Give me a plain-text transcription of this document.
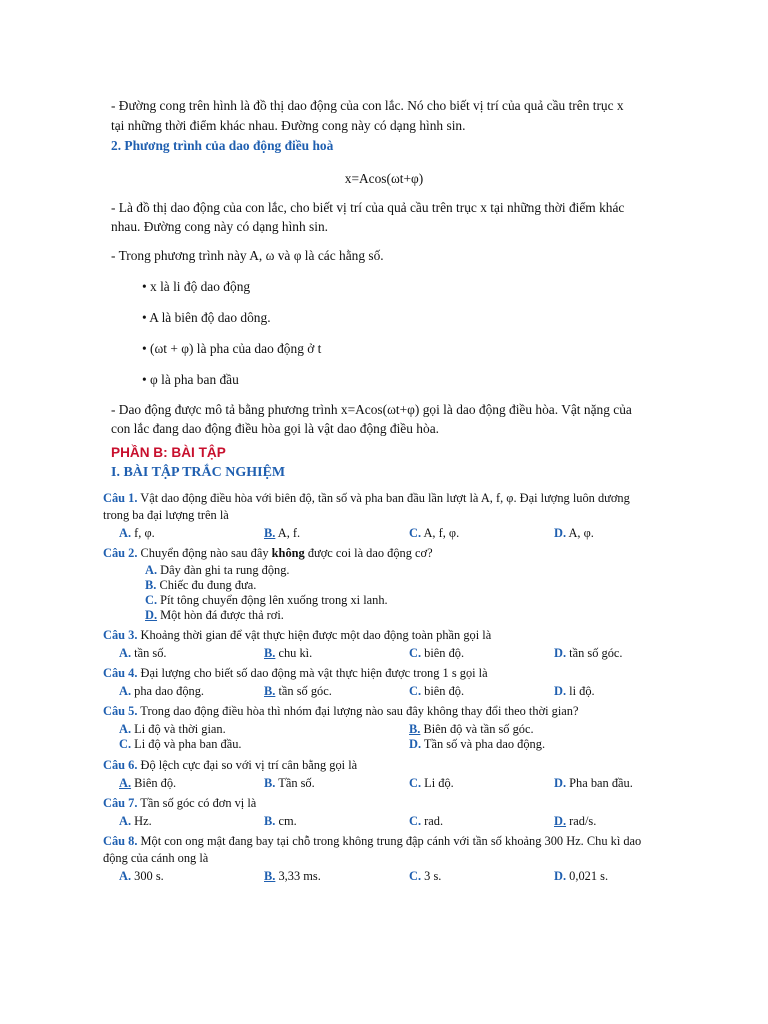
- Đường cong trên hình là đồ thị dao động của con lắc. Nó cho biết vị trí của quả cầu trên trục x
tại những thời điểm khác nhau. Đường cong này có dạng hình sin.
2. Phương trình của dao động điều hoà
x=Acos(ωt+φ)
- Là đồ thị dao động của con lắc, cho biết vị trí của quả cầu trên trục x tại những thời điểm khác
nhau. Đường cong này có dạng hình sin.
- Trong phương trình này A, ω và φ là các hằng số.
• x là li độ dao động
• A là biên độ dao dông.
• (ωt + φ) là pha của dao động ở t
• φ là pha ban đầu
- Dao động được mô tả bằng phương trình x=Acos(ωt+φ) gọi là dao động điều hòa. Vật nặng của
con lắc đang dao động điều hòa gọi là vật dao động điều hòa.
PHẦN B: BÀI TẬP
I. BÀI TẬP TRẮC NGHIỆM
Câu 1. Vật dao động điều hòa với biên độ, tần số và pha ban đầu lần lượt là A, f, φ. Đại lượng luôn dương
trong ba đại lượng trên là
A. f, φ.	B. A, f.	C. A, f, φ.	D. A, φ.
Câu 2. Chuyển động nào sau đây không được coi là dao động cơ?
A. Dây đàn ghi ta rung động.
B. Chiếc đu đung đưa.
C. Pít tông chuyển động lên xuống trong xi lanh.
D. Một hòn đá được thả rơi.
Câu 3. Khoảng thời gian để vật thực hiện được một dao động toàn phần gọi là
A. tần số.	B. chu kì.	C. biên độ.	D. tần số góc.
Câu 4. Đại lượng cho biết số dao động mà vật thực hiện được trong 1 s gọi là
A. pha dao động.	B. tần số góc.	C. biên độ.	D. li độ.
Câu 5. Trong dao động điều hòa thì nhóm đại lượng nào sau đây không thay đổi theo thời gian?
A. Li độ và thời gian.	B. Biên độ và tần số góc.
C. Li độ và pha ban đầu.	D. Tần số và pha dao động.
Câu 6. Độ lệch cực đại so với vị trí cân bằng gọi là
A. Biên độ.	B. Tần số.	C. Li độ.	D. Pha ban đầu.
Câu 7. Tần số góc có đơn vị là
A. Hz.	B. cm.	C. rad.	D. rad/s.
Câu 8. Một con ong mật đang bay tại chỗ trong không trung đập cánh với tần số khoảng 300 Hz. Chu kì dao
động của cánh ong là
A. 300 s.	B. 3,33 ms.	C. 3 s.	D. 0,021 s.
